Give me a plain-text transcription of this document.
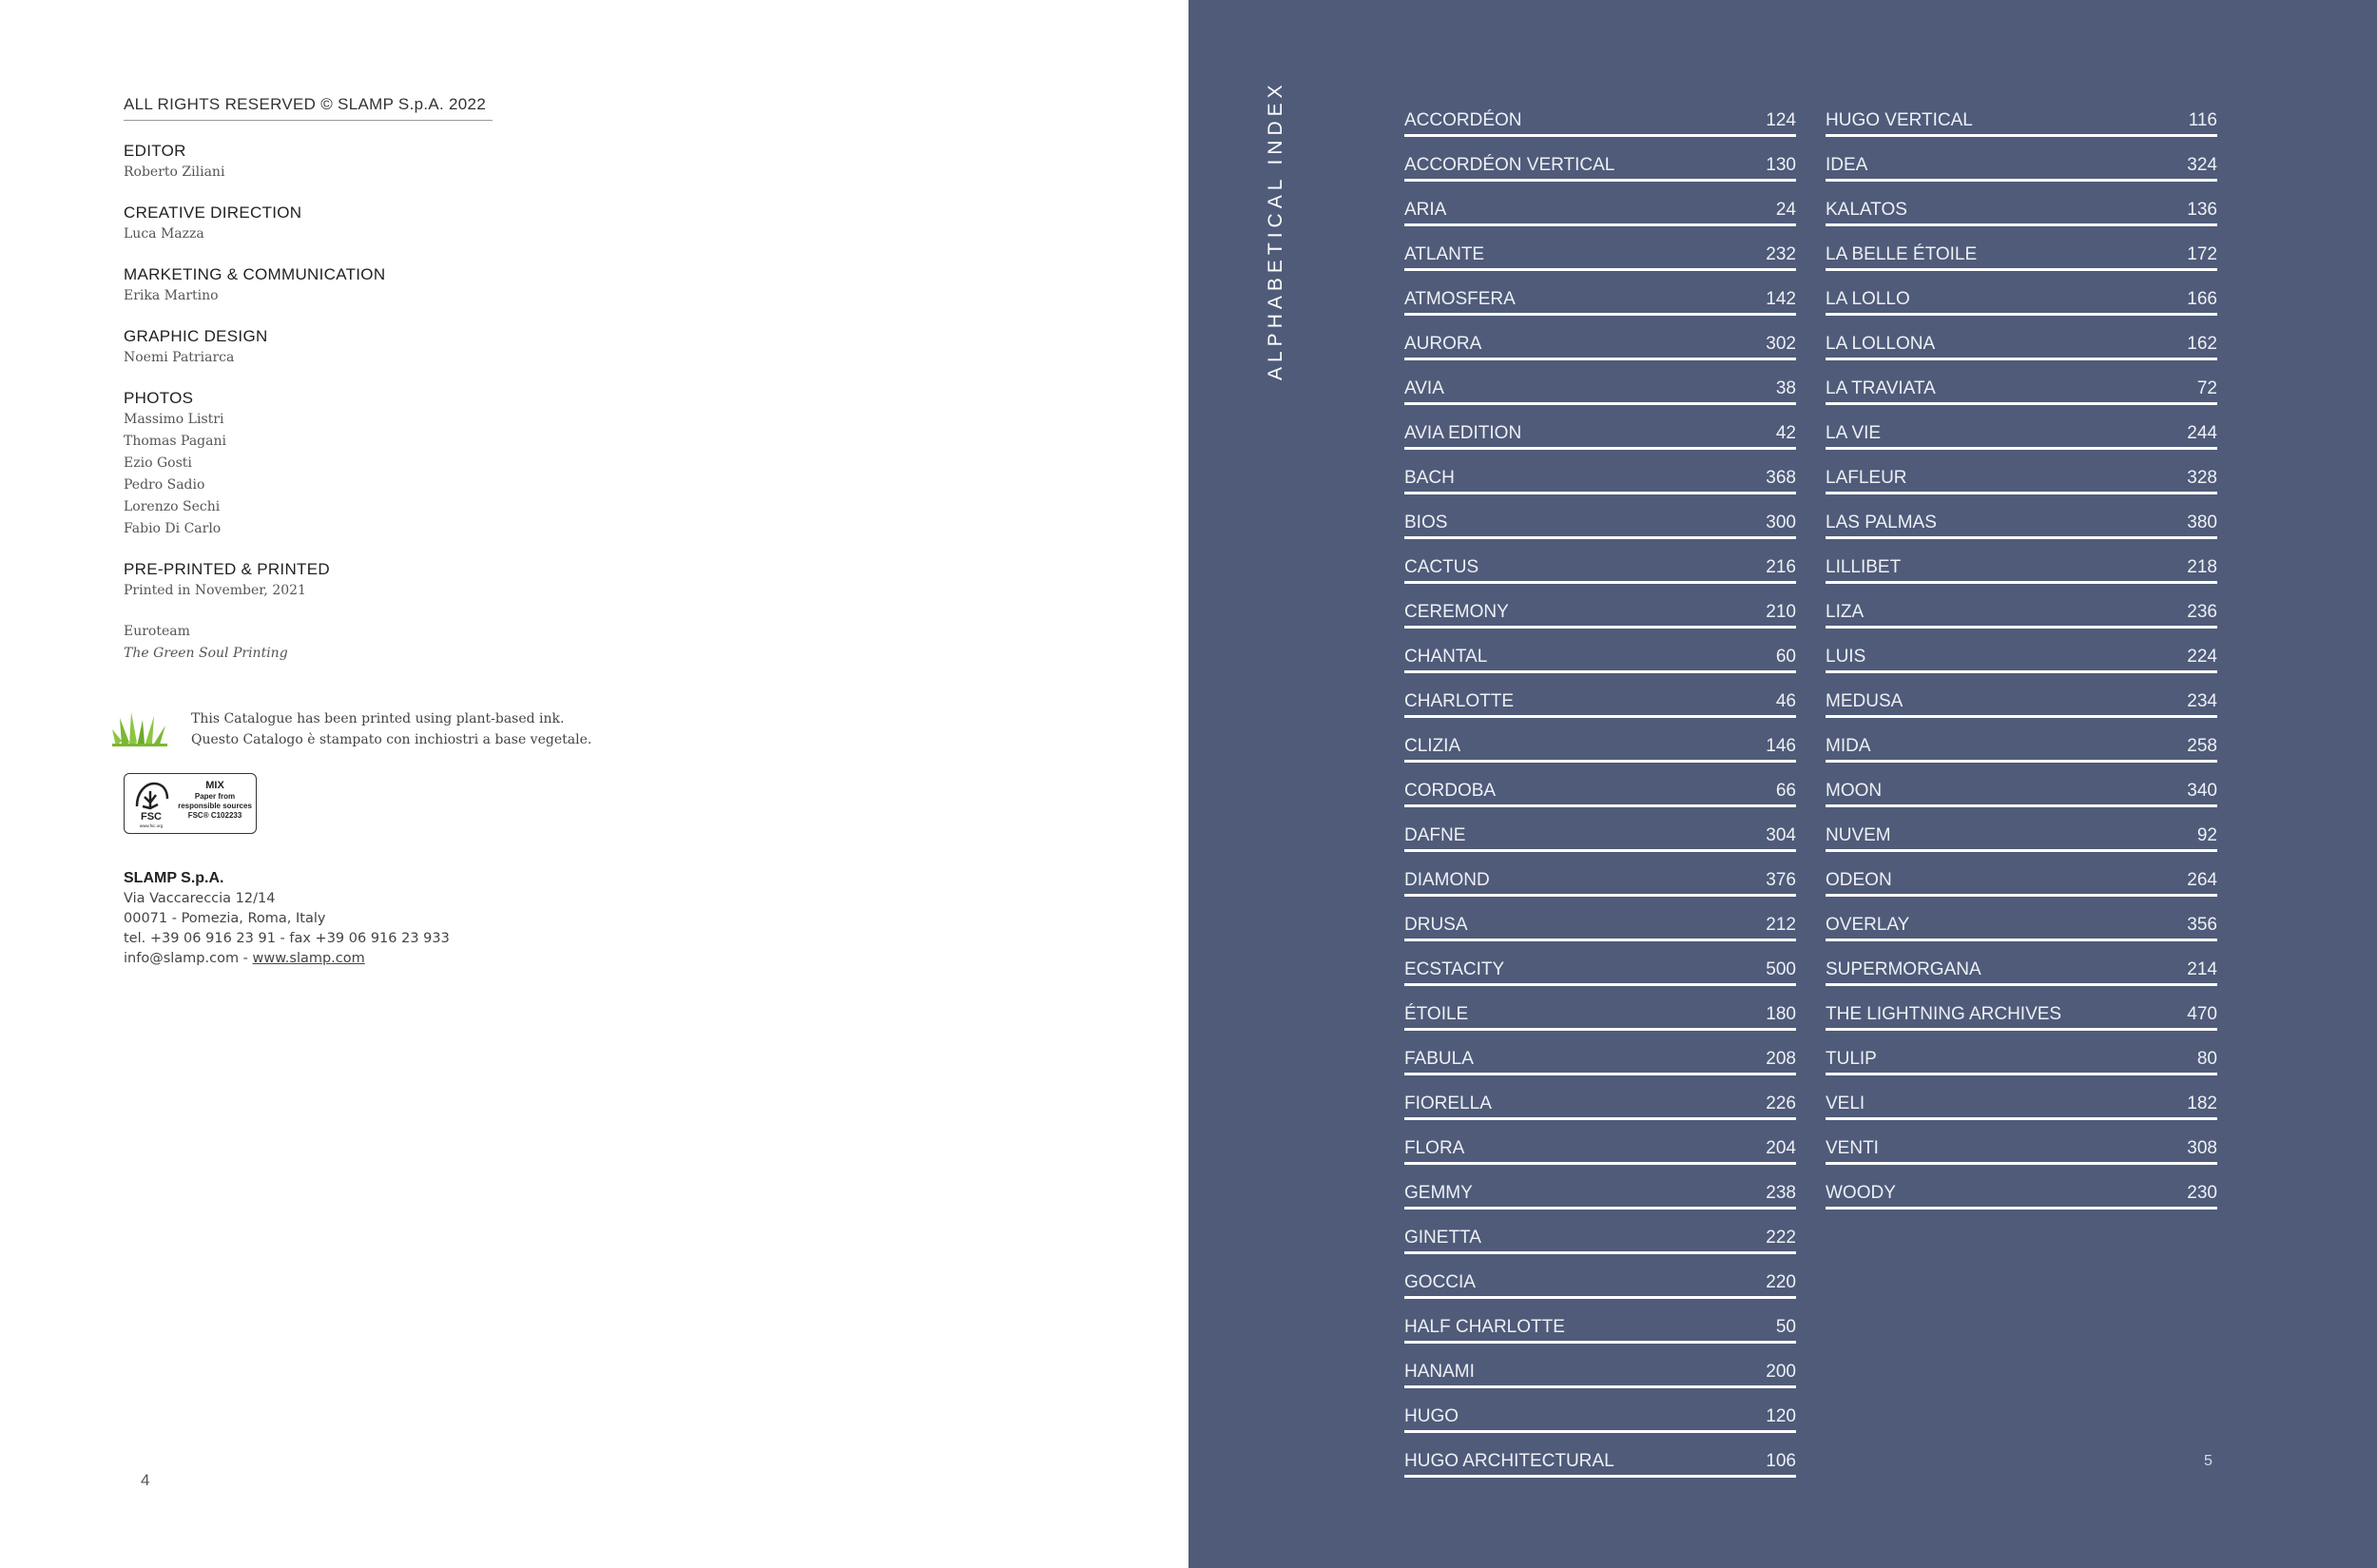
ALL RIGHTS RESERVED © SLAMP S.p.A. 2022
EDITOR
Roberto Ziliani
CREATIVE DIRECTION
Luca Mazza
MARKETING & COMMUNICATION
Erika Martino
GRAPHIC DESIGN
Noemi Patriarca
PHOTOS
Massimo Listri
Thomas Pagani
Ezio Gosti
Pedro Sadio
Lorenzo Sechi
Fabio Di Carlo
PRE-PRINTED & PRINTED
Printed in November, 2021
Euroteam
The Green Soul Printing
This Catalogue has been printed using plant-based ink.
Questo Catalogo è stampato con inchiostri a base vegetale.
FSC
www.fsc.org
MIX
Paper from
responsible sources
FSC® C102233
SLAMP S.p.A.
Via Vaccareccia 12/14
00071 - Pomezia, Roma, Italy
tel. +39 06 916 23 91 - fax +39 06 916 23 933
info@slamp.com - www.slamp.com
4
ALPHABETICAL INDEX	ACCORDÉON	124
ACCORDÉON VERTICAL	130
ARIA	24
ATLANTE	232
ATMOSFERA	142
AURORA	302
AVIA	38
AVIA EDITION	42
BACH	368
BIOS	300
CACTUS	216
CEREMONY	210
CHANTAL	60
CHARLOTTE	46
CLIZIA	146
CORDOBA	66
DAFNE	304
DIAMOND	376
DRUSA	212
ECSTACITY	500
ÉTOILE	180
FABULA	208
FIORELLA	226
FLORA	204
GEMMY	238
GINETTA	222
GOCCIA	220
HALF CHARLOTTE	50
HANAMI	200
HUGO	120
HUGO ARCHITECTURAL	106
HUGO VERTICAL	116
IDEA	324
KALATOS	136
LA BELLE ÉTOILE	172
LA LOLLO	166
LA LOLLONA	162
LA TRAVIATA	72
LA VIE	244
LAFLEUR	328
LAS PALMAS	380
LILLIBET	218
LIZA	236
LUIS	224
MEDUSA	234
MIDA	258
MOON	340
NUVEM	92
ODEON	264
OVERLAY	356
SUPERMORGANA	214
THE LIGHTNING ARCHIVES	470
TULIP	80
VELI	182
VENTI	308
WOODY	230
5
